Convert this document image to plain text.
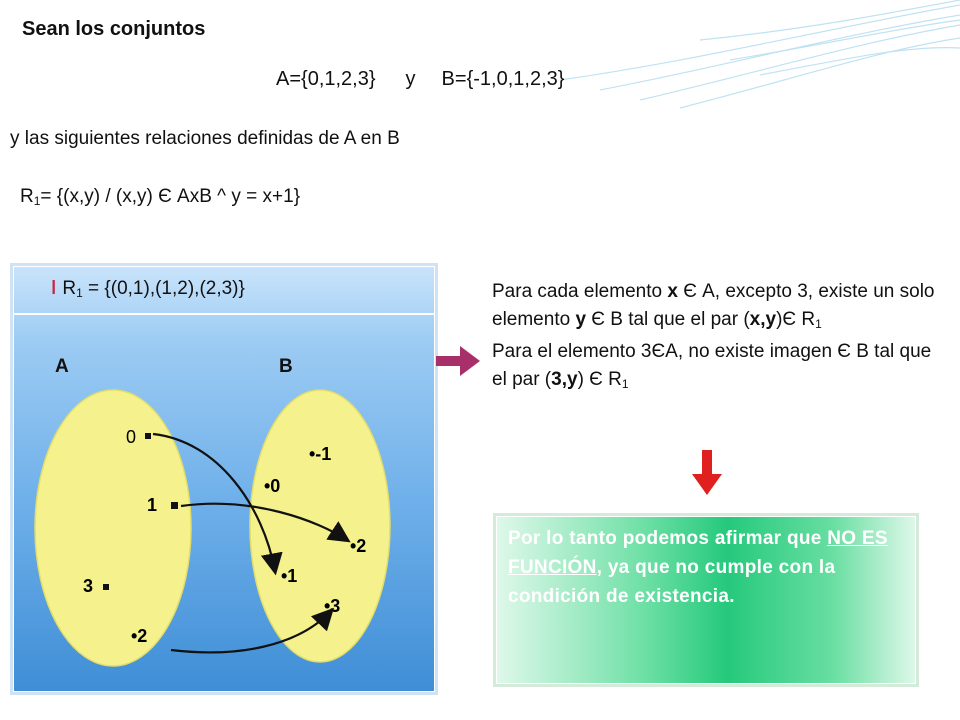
Sean los conjuntos
A={0,1,2,3} y B={-1,0,1,2,3}
y las siguientes relaciones definidas de A en B
$R_1= \{(x,y) / (x,y)$ Є AxB ^ y = x+1}
ǀ $R_1 = \{(0,1),(1,2),(2,3)\}$
A	B
0
1
3
•2
•-1
•0
•2
•1
•3

Para cada elemento x Є A, excepto 3, existe un solo elemento y Є B tal que el par (x,y)Є $R_1$

Para el elemento 3ЄA, no existe imagen Є B tal que el par (3,y) Є $R_1$

Por lo tanto podemos afirmar que NO ES FUNCIÓN, ya que no cumple con la condición de existencia.
